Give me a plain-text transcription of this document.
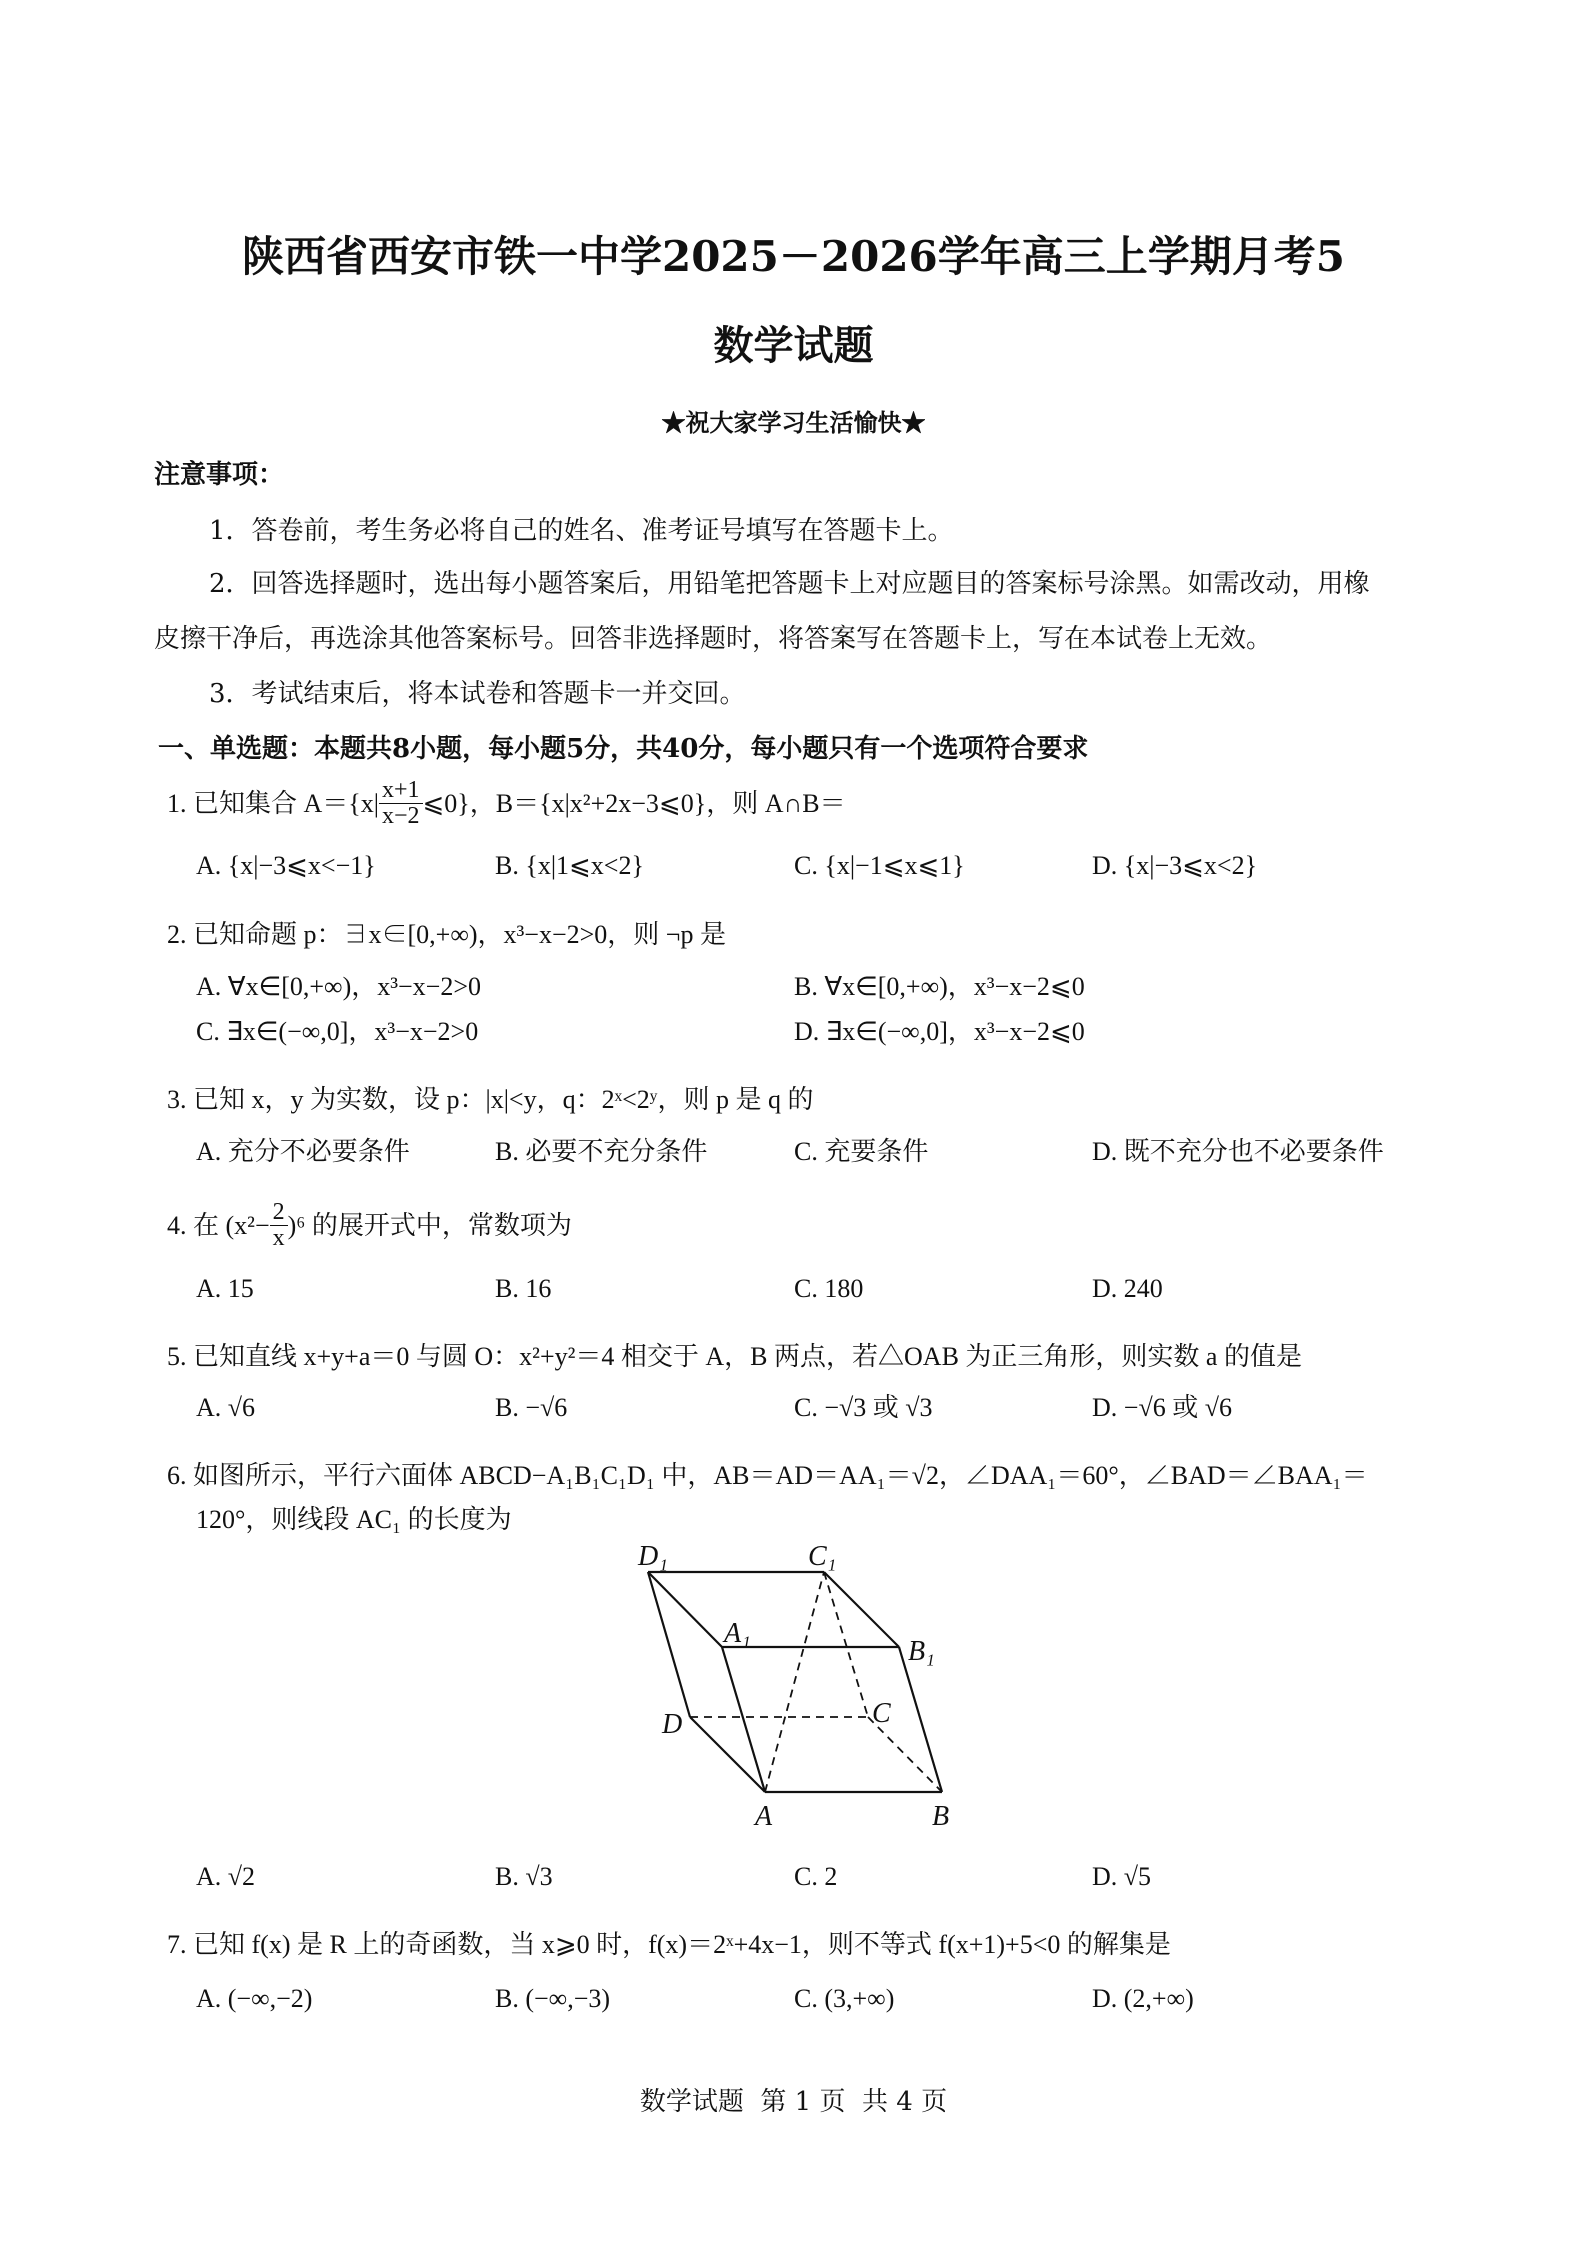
陕西省西安市铁一中学2025－2026学年高三上学期月考5
数学试题
★祝大家学习生活愉快★
注意事项：
1．答卷前，考生务必将自己的姓名、准考证号填写在答题卡上。
2．回答选择题时，选出每小题答案后，用铅笔把答题卡上对应题目的答案标号涂黑。如需改动，用橡
皮擦干净后，再选涂其他答案标号。回答非选择题时，将答案写在答题卡上，写在本试卷上无效。
3．考试结束后，将本试卷和答题卡一并交回。
一、单选题：本题共8小题，每小题5分，共40分，每小题只有一个选项符合要求
1. 已知集合 $A=\{x| \frac{x+1}{x-2}$ ⩽0}，B＝{x|x²+2x−3⩽0}，则 A∩B＝
A. {x|−3⩽x<−1}	B. {x|1⩽x<2}	C. {x|−1⩽x⩽1}	D. {x|−3⩽x<2}
2. 已知命题 p：∃x∈[0,+∞)，x³−x−2>0，则 ¬p 是
A. ∀x∈[0,+∞)，x³−x−2>0	B. ∀x∈[0,+∞)，x³−x−2⩽0
C. ∃x∈(−∞,0]，x³−x−2>0	D. ∃x∈(−∞,0]，x³−x−2⩽0
3. 已知 x，y 为实数，设 p：|x|<y，q：2ˣ<2ʸ，则 p 是 q 的
A. 充分不必要条件	B. 必要不充分条件	C. 充要条件	D. 既不充分也不必要条件
4. 在 $(x^2- \frac{2}{x} )^6$ 的展开式中，常数项为
A. 15	B. 16	C. 180	D. 240
5. 已知直线 x+y+a＝0 与圆 O：x²+y²＝4 相交于 A，B 两点，若△OAB 为正三角形，则实数 a 的值是
A. √6	B. −√6	C. −√3 或 √3	D. −√6 或 √6
6. 如图所示，平行六面体 ABCD−A₁B₁C₁D₁ 中，AB＝AD＝AA₁＝√2，∠DAA₁＝60°，∠BAD＝∠BAA₁＝
120°，则线段 AC₁ 的长度为
D₁	C₁
A₁
B₁
D	C
A	B
A. √2	B. √3	C. 2	D. √5
7. 已知 f(x) 是 R 上的奇函数，当 x⩾0 时，f(x)＝2ˣ+4x−1，则不等式 f(x+1)+5<0 的解集是
A. (−∞,−2)	B. (−∞,−3)	C. (3,+∞)	D. (2,+∞)
数学试题  第 1 页  共 4 页
